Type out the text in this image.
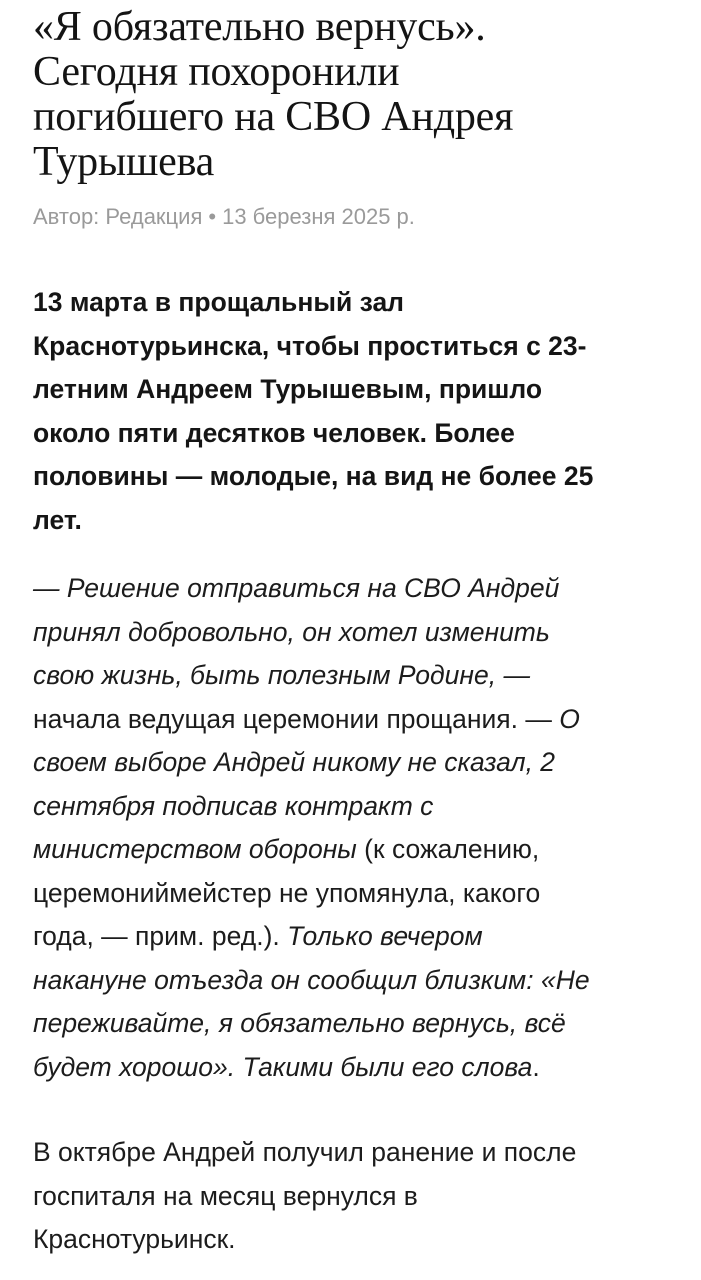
«Я обязательно вернусь».
Сегодня похоронили
погибшего на СВО Андрея
Турышева
Автор: Редакция • 13 березня 2025 р.
13 марта в прощальный зал
Краснотурьинска, чтобы проститься с 23-
летним Андреем Турышевым, пришло
около пяти десятков человек. Более
половины — молодые, на вид не более 25
лет.
— Решение отправиться на СВО Андрей
принял добровольно, он хотел изменить
свою жизнь, быть полезным Родине, —
начала ведущая церемонии прощания. — О
своем выборе Андрей никому не сказал, 2
сентября подписав контракт с
министерством обороны (к сожалению,
церемониймейстер не упомянула, какого
года, — прим. ред.). Только вечером
накануне отъезда он сообщил близким: «Не
переживайте, я обязательно вернусь, всё
будет хорошо». Такими были его слова.
В октябре Андрей получил ранение и после
госпиталя на месяц вернулся в
Краснотурьинск.
